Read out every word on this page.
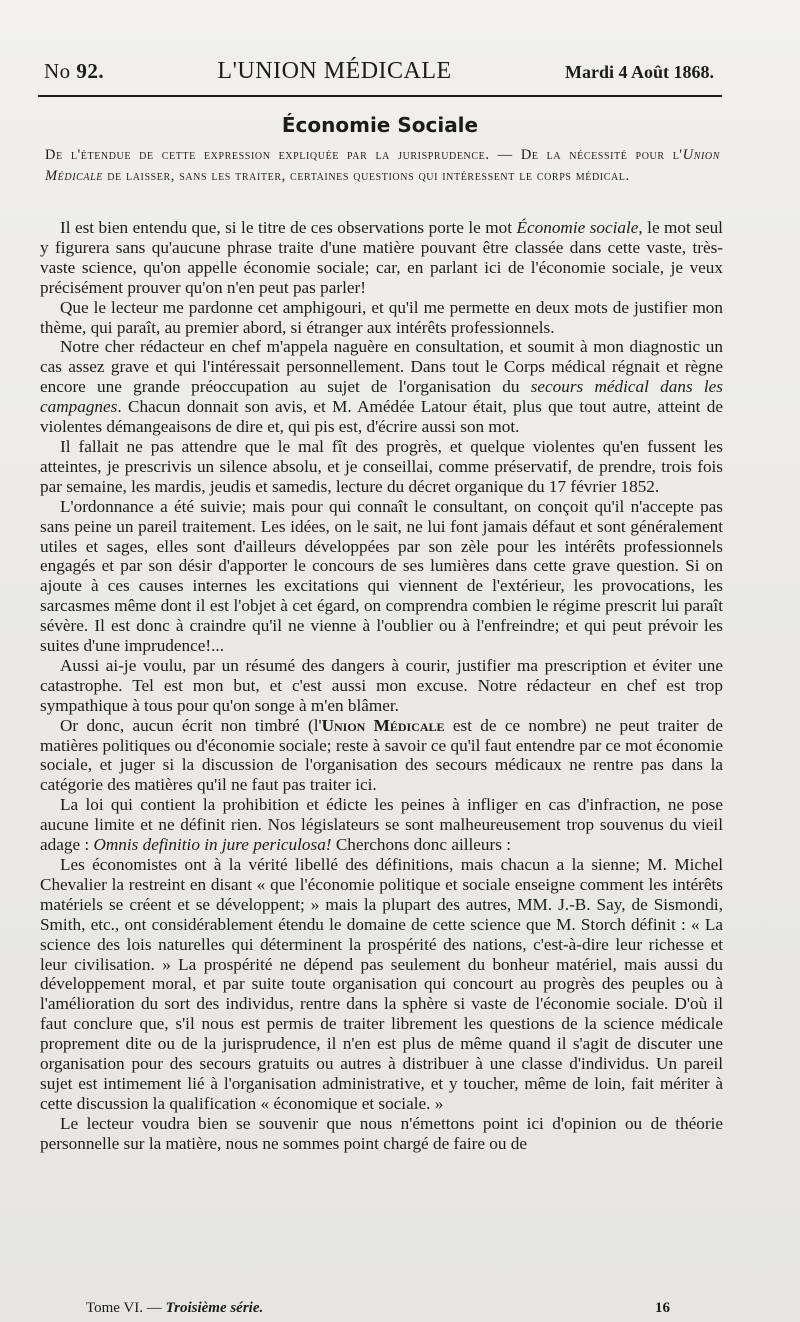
No 92.	L'UNION MÉDICALE	Mardi 4 Août 1868.
Économie Sociale
De l'étendue de cette expression expliquée par la jurisprudence. — De la nécessité pour l'Union Médicale de laisser, sans les traiter, certaines questions qui intéressent le corps médical.

Il est bien entendu que, si le titre de ces observations porte le mot Économie sociale, le mot seul y figurera sans qu'aucune phrase traite d'une matière pouvant être classée dans cette vaste, très-vaste science, qu'on appelle économie sociale; car, en parlant ici de l'économie sociale, je veux précisément prouver qu'on n'en peut pas parler!

Que le lecteur me pardonne cet amphigouri, et qu'il me permette en deux mots de justifier mon thème, qui paraît, au premier abord, si étranger aux intérêts professionnels.

Notre cher rédacteur en chef m'appela naguère en consultation, et soumit à mon diagnostic un cas assez grave et qui l'intéressait personnellement. Dans tout le Corps médical régnait et règne encore une grande préoccupation au sujet de l'organisation du secours médical dans les campagnes. Chacun donnait son avis, et M. Amédée Latour était, plus que tout autre, atteint de violentes démangeaisons de dire et, qui pis est, d'écrire aussi son mot.

Il fallait ne pas attendre que le mal fît des progrès, et quelque violentes qu'en fussent les atteintes, je prescrivis un silence absolu, et je conseillai, comme préservatif, de prendre, trois fois par semaine, les mardis, jeudis et samedis, lecture du décret organique du 17 février 1852.

L'ordonnance a été suivie; mais pour qui connaît le consultant, on conçoit qu'il n'accepte pas sans peine un pareil traitement. Les idées, on le sait, ne lui font jamais défaut et sont généralement utiles et sages, elles sont d'ailleurs développées par son zèle pour les intérêts professionnels engagés et par son désir d'apporter le concours de ses lumières dans cette grave question. Si on ajoute à ces causes internes les excitations qui viennent de l'extérieur, les provocations, les sarcasmes même dont il est l'objet à cet égard, on comprendra combien le régime prescrit lui paraît sévère. Il est donc à craindre qu'il ne vienne à l'oublier ou à l'enfreindre; et qui peut prévoir les suites d'une imprudence!...

Aussi ai-je voulu, par un résumé des dangers à courir, justifier ma prescription et éviter une catastrophe. Tel est mon but, et c'est aussi mon excuse. Notre rédacteur en chef est trop sympathique à tous pour qu'on songe à m'en blâmer.

Or donc, aucun écrit non timbré (l'Union Médicale est de ce nombre) ne peut traiter de matières politiques ou d'économie sociale; reste à savoir ce qu'il faut entendre par ce mot économie sociale, et juger si la discussion de l'organisation des secours médicaux ne rentre pas dans la catégorie des matières qu'il ne faut pas traiter ici.

La loi qui contient la prohibition et édicte les peines à infliger en cas d'infraction, ne pose aucune limite et ne définit rien. Nos législateurs se sont malheureusement trop souvenus du vieil adage : Omnis definitio in jure periculosa! Cherchons donc ailleurs :

Les économistes ont à la vérité libellé des définitions, mais chacun a la sienne; M. Michel Chevalier la restreint en disant « que l'économie politique et sociale enseigne comment les intérêts matériels se créent et se développent; » mais la plupart des autres, MM. J.-B. Say, de Sismondi, Smith, etc., ont considérablement étendu le domaine de cette science que M. Storch définit : « La science des lois naturelles qui déterminent la prospérité des nations, c'est-à-dire leur richesse et leur civilisation. » La prospérité ne dépend pas seulement du bonheur matériel, mais aussi du développement moral, et par suite toute organisation qui concourt au progrès des peuples ou à l'amélioration du sort des individus, rentre dans la sphère si vaste de l'économie sociale. D'où il faut conclure que, s'il nous est permis de traiter librement les questions de la science médicale proprement dite ou de la jurisprudence, il n'en est plus de même quand il s'agit de discuter une organisation pour des secours gratuits ou autres à distribuer à une classe d'individus. Un pareil sujet est intimement lié à l'organisation administrative, et y toucher, même de loin, fait mériter à cette discussion la qualification « économique et sociale. »

Le lecteur voudra bien se souvenir que nous n'émettons point ici d'opinion ou de théorie personnelle sur la matière, nous ne sommes point chargé de faire ou de

Tome VI. — Troisième série.	16
